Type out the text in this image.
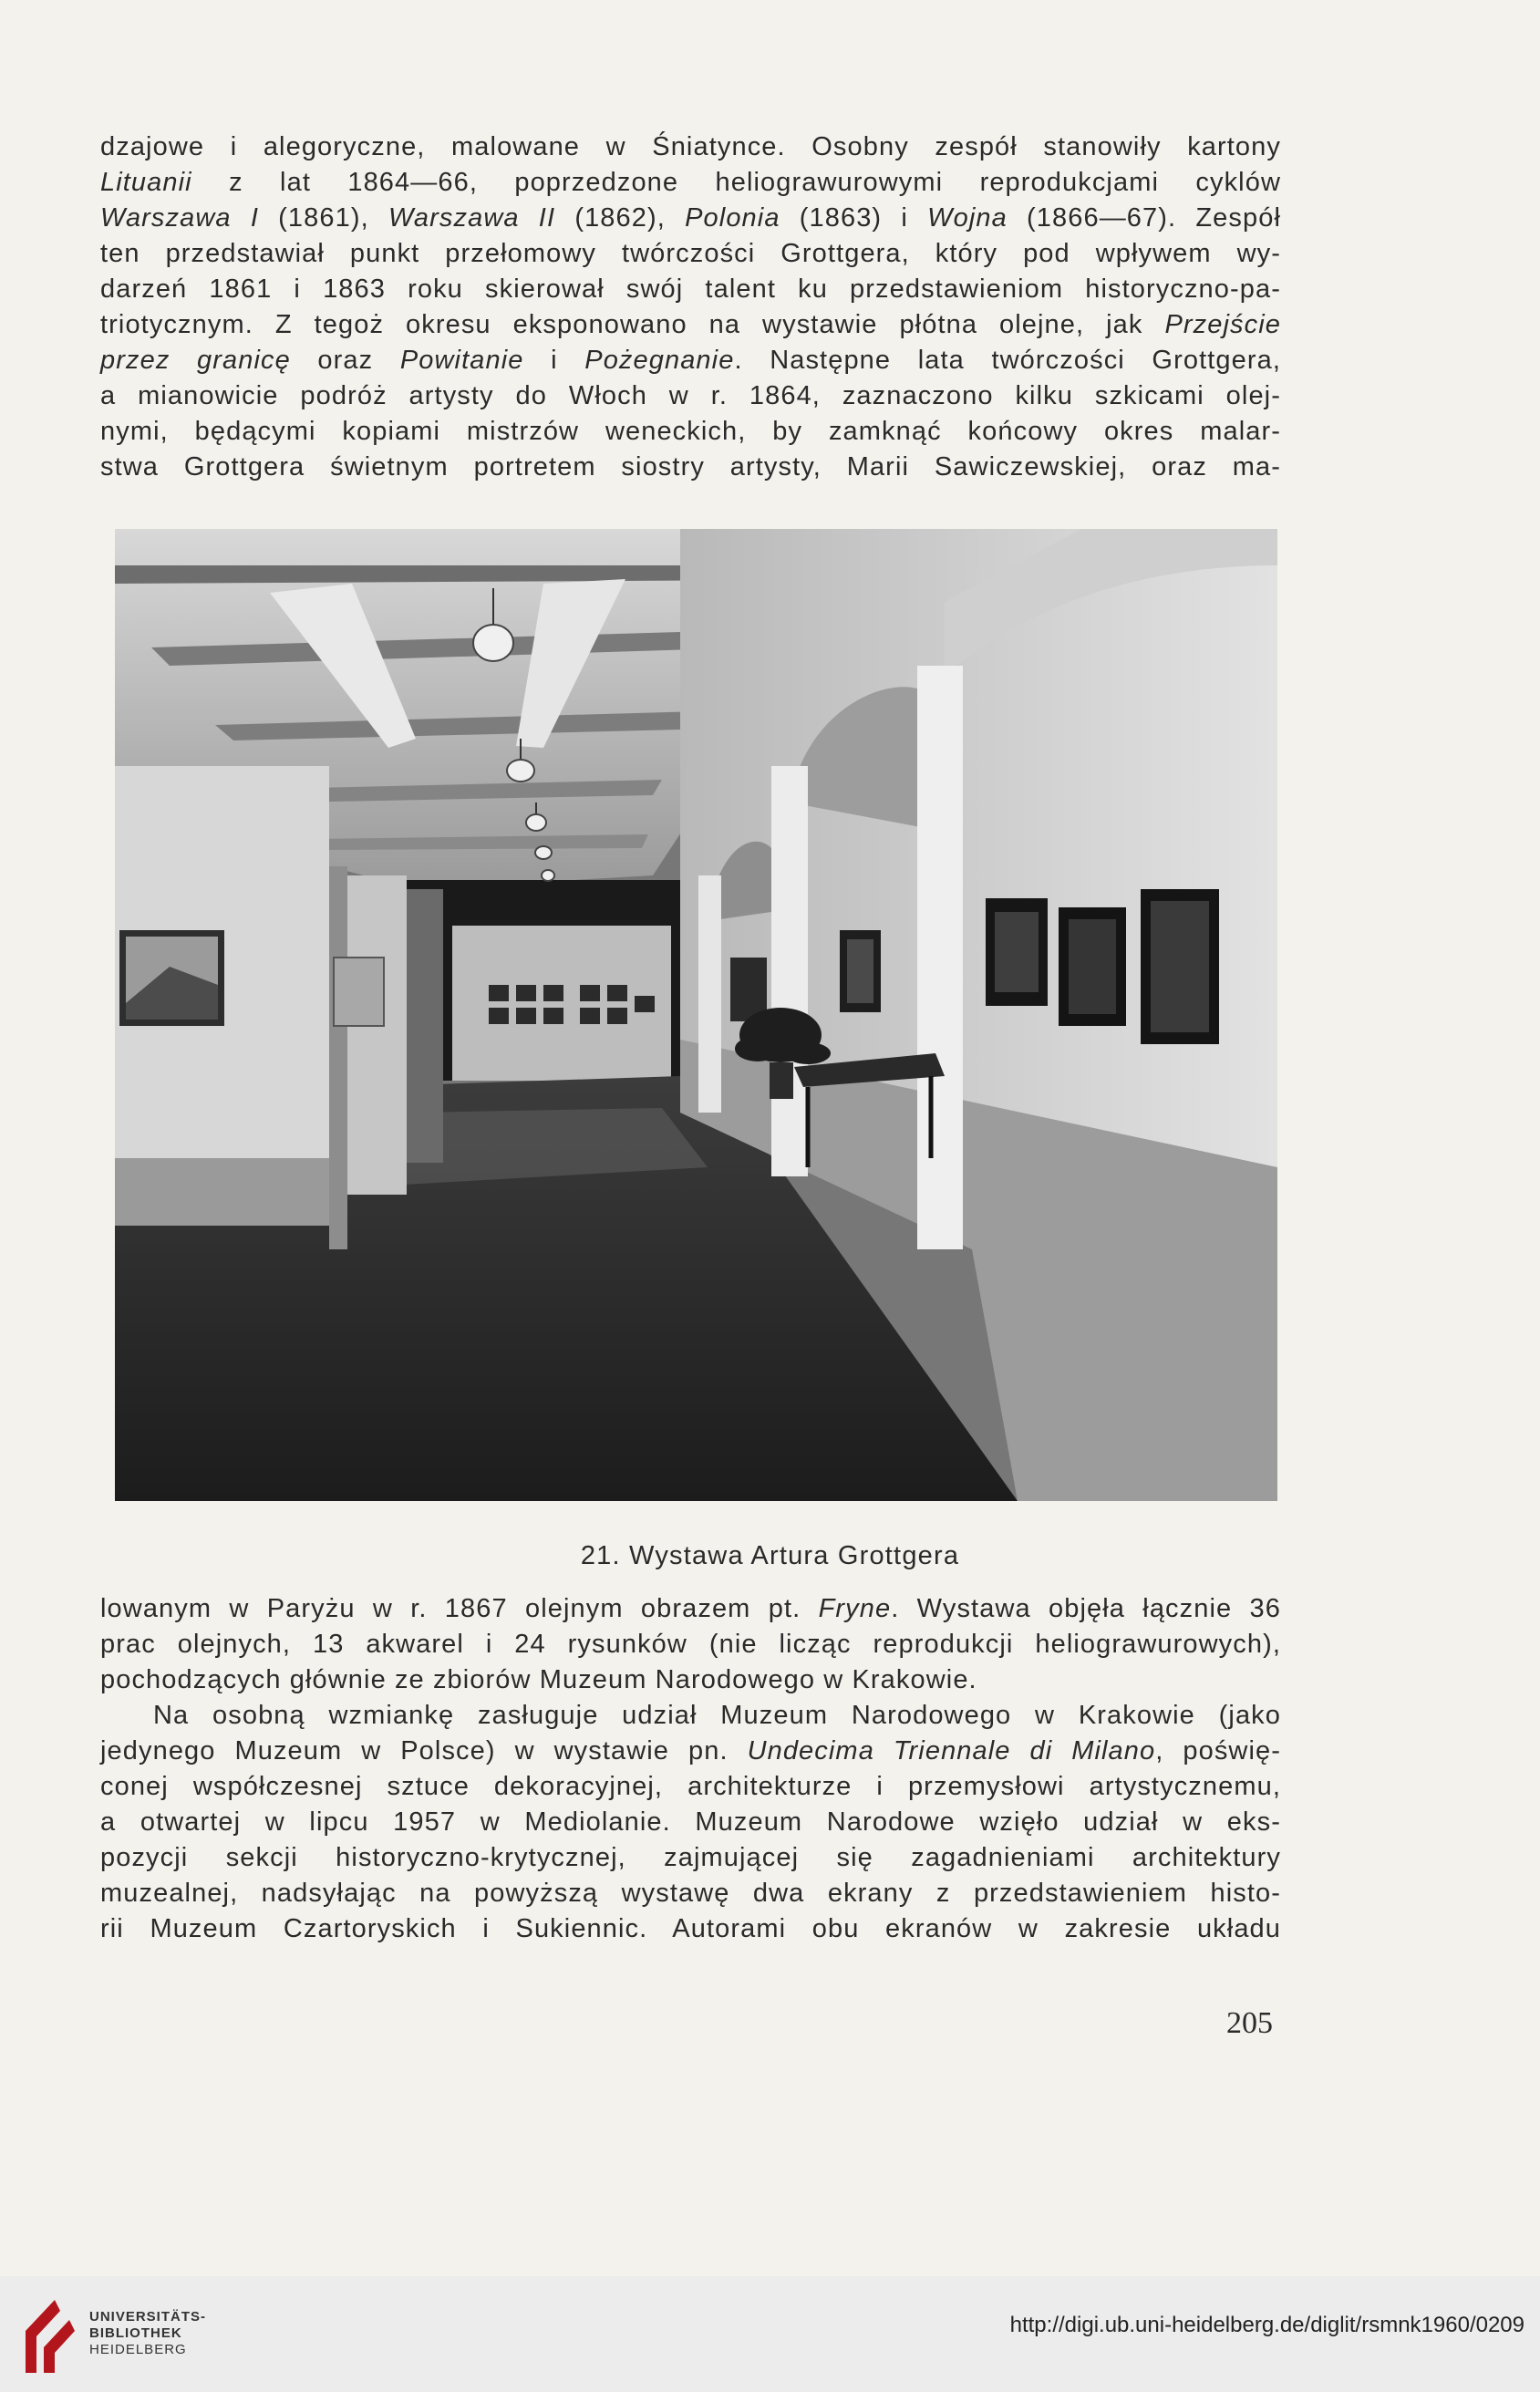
dzajowe i alegoryczne, malowane w Śniatynce. Osobny zespół stanowiły kartony
Lituanii z lat 1864—66, poprzedzone heliograwurowymi reprodukcjami cyklów
Warszawa I (1861), Warszawa II (1862), Polonia (1863) i Wojna (1866—67). Zespół
ten przedstawiał punkt przełomowy twórczości Grottgera, który pod wpływem wy-
darzeń 1861 i 1863 roku skierował swój talent ku przedstawieniom historyczno-pa-
triotycznym. Z tegoż okresu eksponowano na wystawie płótna olejne, jak Przejście
przez granicę oraz Powitanie i Pożegnanie. Następne lata twórczości Grottgera,
a mianowicie podróż artysty do Włoch w r. 1864, zaznaczono kilku szkicami olej-
nymi, będącymi kopiami mistrzów weneckich, by zamknąć końcowy okres malar-
stwa Grottgera świetnym portretem siostry artysty, Marii Sawiczewskiej, oraz ma-
21. Wystawa Artura Grottgera
lowanym w Paryżu w r. 1867 olejnym obrazem pt. Fryne. Wystawa objęła łącznie 36
prac olejnych, 13 akwarel i 24 rysunków (nie licząc reprodukcji heliograwurowych),
pochodzących głównie ze zbiorów Muzeum Narodowego w Krakowie.
Na osobną wzmiankę zasługuje udział Muzeum Narodowego w Krakowie (jako
jedynego Muzeum w Polsce) w wystawie pn. Undecima Triennale di Milano, poświę-
conej współczesnej sztuce dekoracyjnej, architekturze i przemysłowi artystycznemu,
a otwartej w lipcu 1957 w Mediolanie. Muzeum Narodowe wzięło udział w eks-
pozycji sekcji historyczno-krytycznej, zajmującej się zagadnieniami architektury
muzealnej, nadsyłając na powyższą wystawę dwa ekrany z przedstawieniem histo-
rii Muzeum Czartoryskich i Sukiennic. Autorami obu ekranów w zakresie układu
205
UNIVERSITÄTS-
BIBLIOTHEK
HEIDELBERG
http://digi.ub.uni-heidelberg.de/diglit/rsmnk1960/0209
